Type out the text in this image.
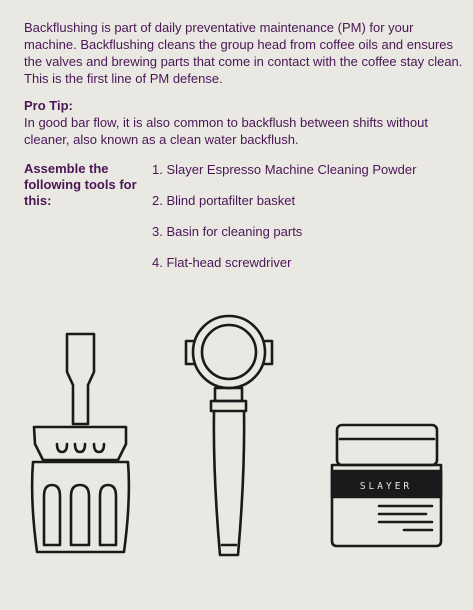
Backflushing is part of daily preventative maintenance (PM) for your machine. Backflushing cleans the group head from coffee oils and ensures the valves and brewing parts that come in contact with the coffee stay clean. This is the first line of PM defense.

Pro Tip:

In good bar flow, it is also common to backflush between shifts without cleaner, also known as a clean water backflush.

Assemble the following tools for this:

1. Slayer Espresso Machine Cleaning Powder
2. Blind portafilter basket
3. Basin for cleaning parts
4. Flat-head screwdriver
SLAYER
